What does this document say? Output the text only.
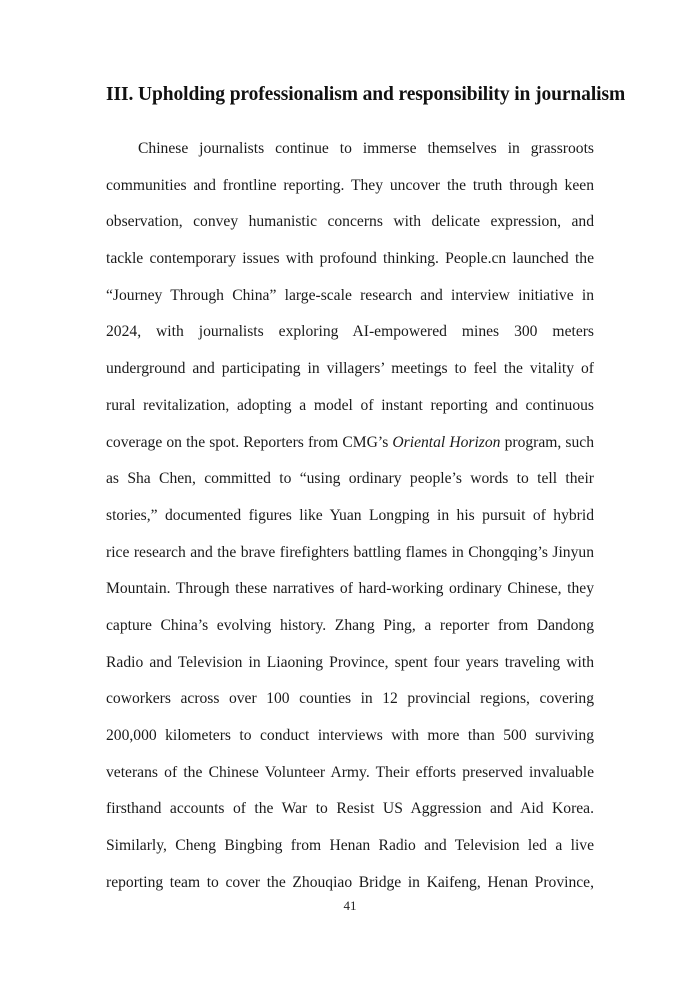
III. Upholding professionalism and responsibility in journalism
Chinese journalists continue to immerse themselves in grassroots
communities and frontline reporting. They uncover the truth through keen
observation, convey humanistic concerns with delicate expression, and
tackle contemporary issues with profound thinking. People.cn launched the
“Journey Through China” large-scale research and interview initiative in
2024, with journalists exploring AI-empowered mines 300 meters
underground and participating in villagers’ meetings to feel the vitality of
rural revitalization, adopting a model of instant reporting and continuous
coverage on the spot. Reporters from CMG’s Oriental Horizon program, such
as Sha Chen, committed to “using ordinary people’s words to tell their
stories,” documented figures like Yuan Longping in his pursuit of hybrid
rice research and the brave firefighters battling flames in Chongqing’s Jinyun
Mountain. Through these narratives of hard-working ordinary Chinese, they
capture China’s evolving history. Zhang Ping, a reporter from Dandong
Radio and Television in Liaoning Province, spent four years traveling with
coworkers across over 100 counties in 12 provincial regions, covering
200,000 kilometers to conduct interviews with more than 500 surviving
veterans of the Chinese Volunteer Army. Their efforts preserved invaluable
firsthand accounts of the War to Resist US Aggression and Aid Korea.
Similarly, Cheng Bingbing from Henan Radio and Television led a live
reporting team to cover the Zhouqiao Bridge in Kaifeng, Henan Province,
41
